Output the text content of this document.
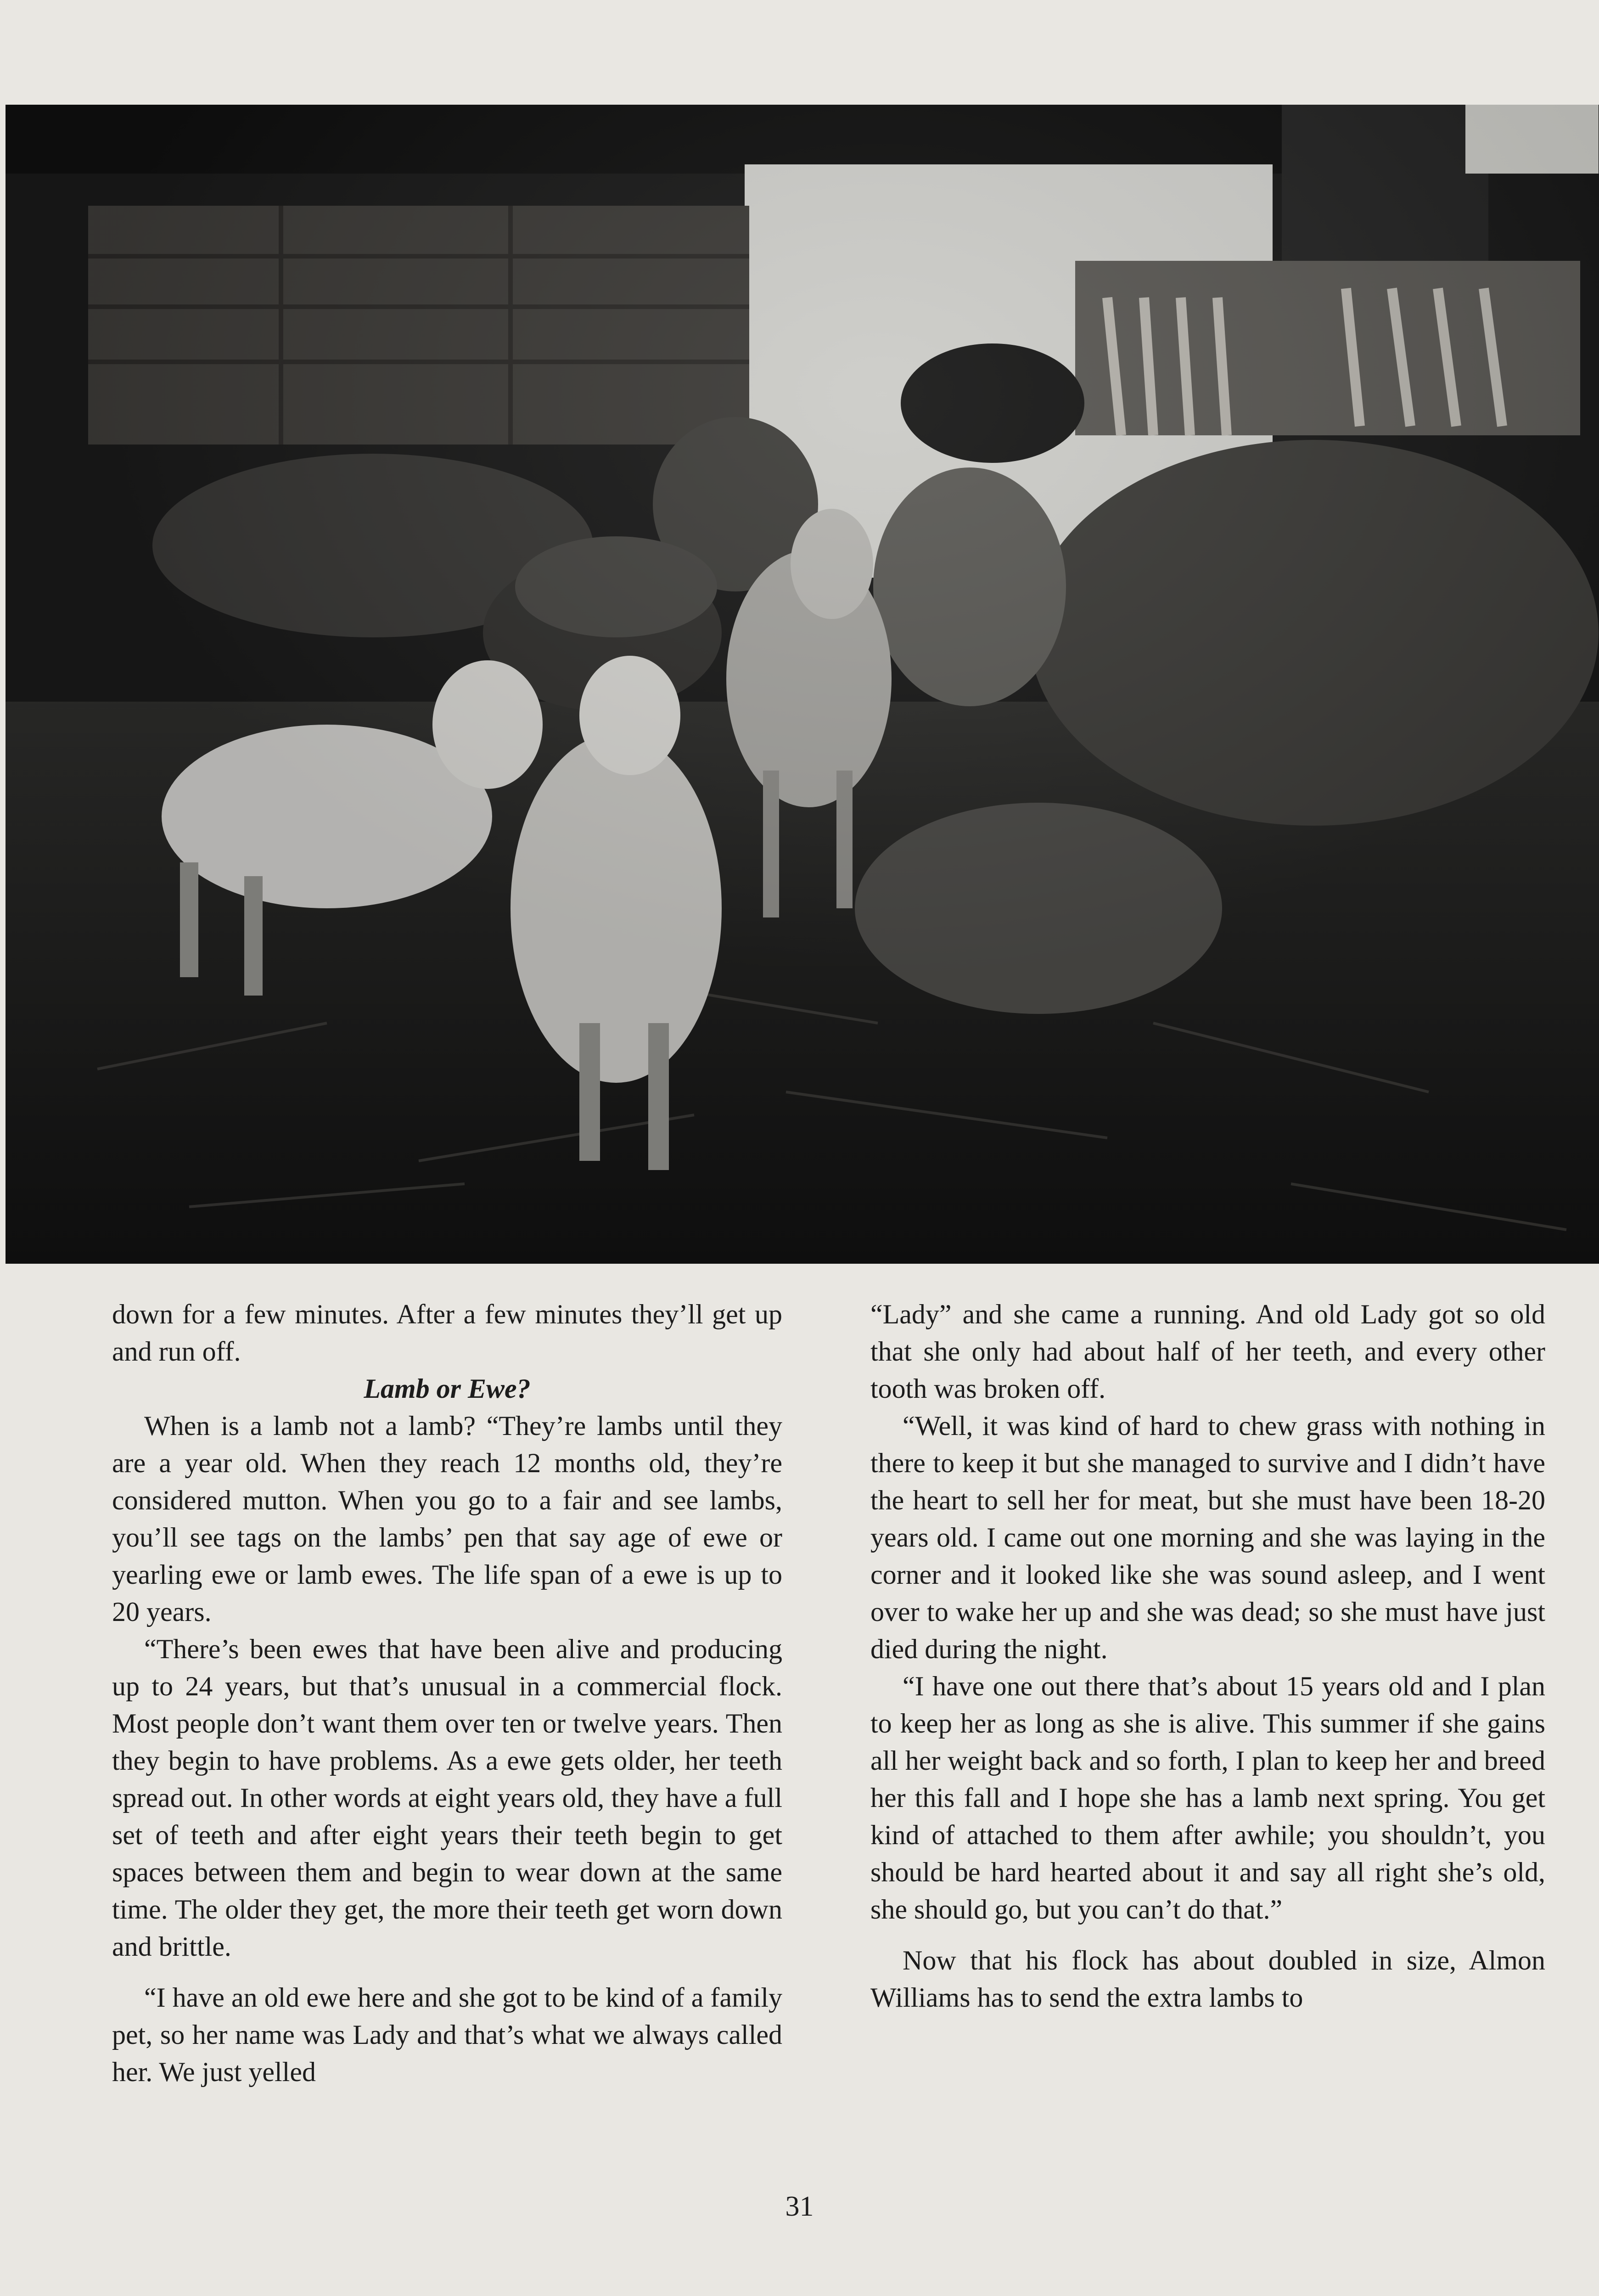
down for a few minutes. After a few minutes they’ll get up and run off.

Lamb or Ewe?

When is a lamb not a lamb? “They’re lambs until they are a year old. When they reach 12 months old, they’re considered mutton. When you go to a fair and see lambs, you’ll see tags on the lambs’ pen that say age of ewe or yearling ewe or lamb ewes. The life span of a ewe is up to 20 years.

“There’s been ewes that have been alive and producing up to 24 years, but that’s unusual in a commercial flock. Most people don’t want them over ten or twelve years. Then they begin to have problems. As a ewe gets older, her teeth spread out. In other words at eight years old, they have a full set of teeth and after eight years their teeth begin to get spaces between them and begin to wear down at the same time. The older they get, the more their teeth get worn down and brittle.

“I have an old ewe here and she got to be kind of a family pet, so her name was Lady and that’s what we always called her. We just yelled

“Lady” and she came a running. And old Lady got so old that she only had about half of her teeth, and every other tooth was broken off.

“Well, it was kind of hard to chew grass with nothing in there to keep it but she managed to survive and I didn’t have the heart to sell her for meat, but she must have been 18-20 years old. I came out one morning and she was laying in the corner and it looked like she was sound asleep, and I went over to wake her up and she was dead; so she must have just died during the night.

“I have one out there that’s about 15 years old and I plan to keep her as long as she is alive. This summer if she gains all her weight back and so forth, I plan to keep her and breed her this fall and I hope she has a lamb next spring. You get kind of attached to them after awhile; you shouldn’t, you should be hard hearted about it and say all right she’s old, she should go, but you can’t do that.”

Now that his flock has about doubled in size, Almon Williams has to send the extra lambs to

31
